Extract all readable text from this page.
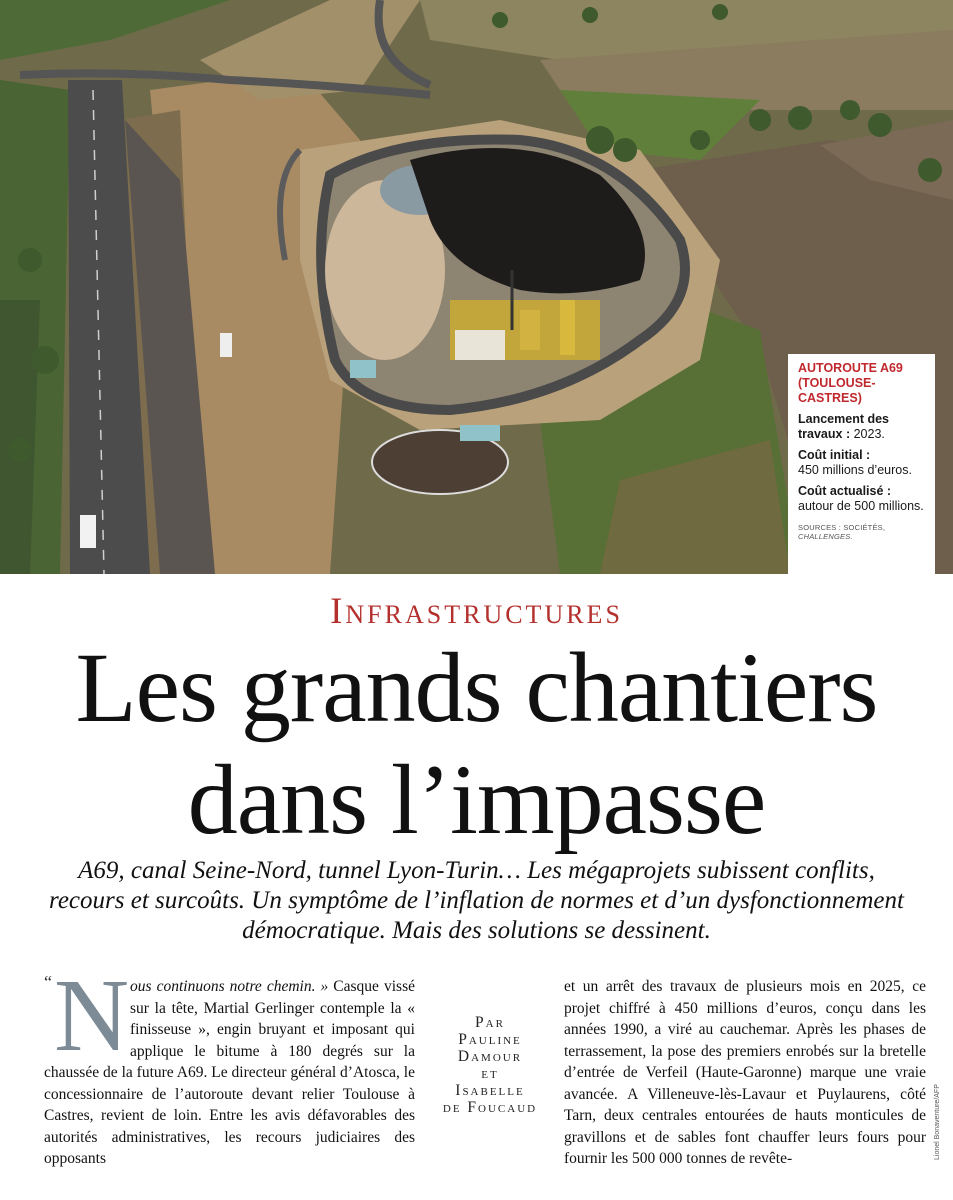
AUTOROUTE A69 (TOULOUSE-CASTRES)
Lancement des travaux : 2023.
Coût initial :
450 millions d’euros.
Coût actualisé :
autour de 500 millions.
SOURCES : SOCIÉTÉS,
CHALLENGES.
Infrastructures
Les grands chantiers
dans l’impasse
A69, canal Seine-Nord, tunnel Lyon-Turin… Les mégaprojets subissent conflits, recours et surcoûts. Un symptôme de l’inflation de normes et d’un dysfonctionnement démocratique. Mais des solutions se dessinent.
“ N ous continuons notre chemin. » Casque vissé sur la tête, Martial Gerlinger contemple la « finisseuse », engin bruyant et imposant qui applique le bitume à 180 degrés sur la chaussée de la future A69. Le directeur général d’Atosca, le concessionnaire de l’autoroute devant relier Toulouse à Castres, revient de loin. Entre les avis défavorables des autorités administratives, les recours judiciaires des opposants
Par
Pauline
Damour
et
Isabelle
de Foucaud
et un arrêt des travaux de plusieurs mois en 2025, ce projet chiffré à 450 millions d’euros, conçu dans les années 1990, a viré au cauchemar. Après les phases de terrassement, la pose des premiers enrobés sur la bretelle d’entrée de Verfeil (Haute-Garonne) marque une vraie avancée. A Villeneuve-lès-Lavaur et Puylaurens, côté Tarn, deux centrales entourées de hauts monticules de gravillons et de sables font chauffer leurs fours pour fournir les 500 000 tonnes de revête-	Lionel Bonaventure/AFP
